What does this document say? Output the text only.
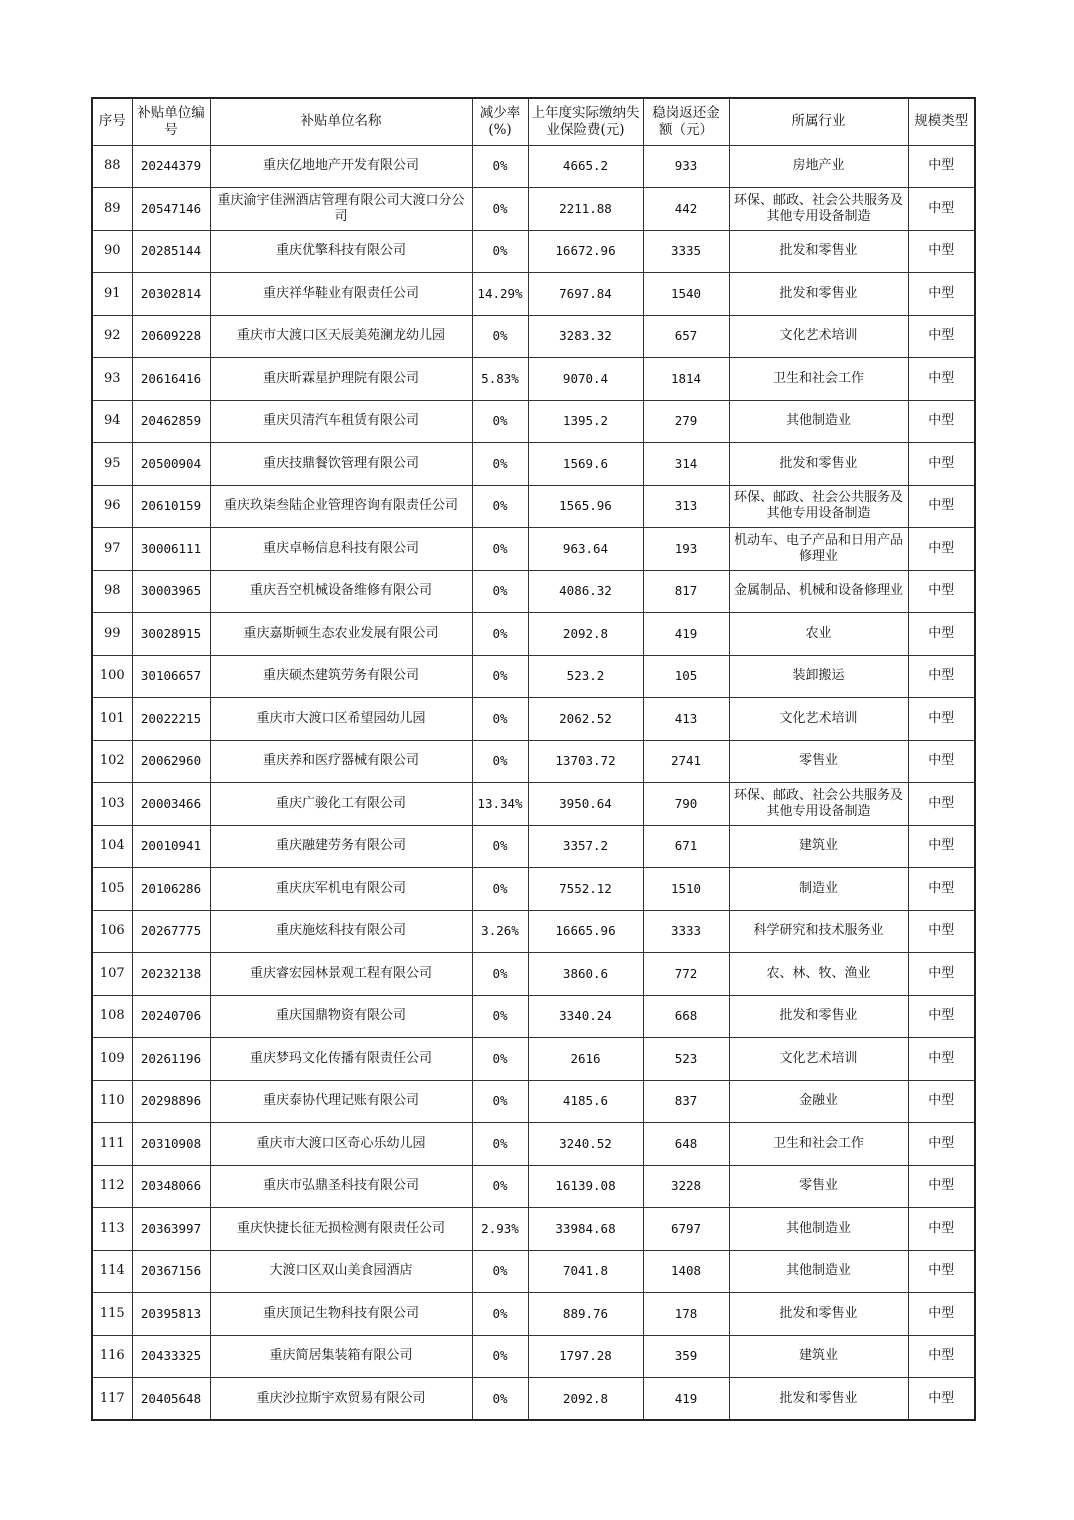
序号	补贴单位编号	补贴单位名称	减少率(%)	上年度实际缴纳失业保险费(元)	稳岗返还金额（元）	所属行业	规模类型
88	20244379	重庆亿地地产开发有限公司	0%	4665.2	933	房地产业	中型
89	20547146	重庆渝宇佳洲酒店管理有限公司大渡口分公司	0%	2211.88	442	环保、邮政、社会公共服务及其他专用设备制造	中型
90	20285144	重庆优擎科技有限公司	0%	16672.96	3335	批发和零售业	中型
91	20302814	重庆祥华鞋业有限责任公司	14.29%	7697.84	1540	批发和零售业	中型
92	20609228	重庆市大渡口区天辰美苑澜龙幼儿园	0%	3283.32	657	文化艺术培训	中型
93	20616416	重庆昕霖星护理院有限公司	5.83%	9070.4	1814	卫生和社会工作	中型
94	20462859	重庆贝清汽车租赁有限公司	0%	1395.2	279	其他制造业	中型
95	20500904	重庆技鼎餐饮管理有限公司	0%	1569.6	314	批发和零售业	中型
96	20610159	重庆玖柒叁陆企业管理咨询有限责任公司	0%	1565.96	313	环保、邮政、社会公共服务及其他专用设备制造	中型
97	30006111	重庆卓畅信息科技有限公司	0%	963.64	193	机动车、电子产品和日用产品修理业	中型
98	30003965	重庆吾空机械设备维修有限公司	0%	4086.32	817	金属制品、机械和设备修理业	中型
99	30028915	重庆嘉斯顿生态农业发展有限公司	0%	2092.8	419	农业	中型
100	30106657	重庆硕杰建筑劳务有限公司	0%	523.2	105	装卸搬运	中型
101	20022215	重庆市大渡口区希望园幼儿园	0%	2062.52	413	文化艺术培训	中型
102	20062960	重庆养和医疗器械有限公司	0%	13703.72	2741	零售业	中型
103	20003466	重庆广骏化工有限公司	13.34%	3950.64	790	环保、邮政、社会公共服务及其他专用设备制造	中型
104	20010941	重庆融建劳务有限公司	0%	3357.2	671	建筑业	中型
105	20106286	重庆庆军机电有限公司	0%	7552.12	1510	制造业	中型
106	20267775	重庆施炫科技有限公司	3.26%	16665.96	3333	科学研究和技术服务业	中型
107	20232138	重庆睿宏园林景观工程有限公司	0%	3860.6	772	农、林、牧、渔业	中型
108	20240706	重庆国鼎物资有限公司	0%	3340.24	668	批发和零售业	中型
109	20261196	重庆梦玛文化传播有限责任公司	0%	2616	523	文化艺术培训	中型
110	20298896	重庆泰协代理记账有限公司	0%	4185.6	837	金融业	中型
111	20310908	重庆市大渡口区奇心乐幼儿园	0%	3240.52	648	卫生和社会工作	中型
112	20348066	重庆市弘鼎圣科技有限公司	0%	16139.08	3228	零售业	中型
113	20363997	重庆快捷长征无损检测有限责任公司	2.93%	33984.68	6797	其他制造业	中型
114	20367156	大渡口区双山美食园酒店	0%	7041.8	1408	其他制造业	中型
115	20395813	重庆顶记生物科技有限公司	0%	889.76	178	批发和零售业	中型
116	20433325	重庆简居集装箱有限公司	0%	1797.28	359	建筑业	中型
117	20405648	重庆沙拉斯宇欢贸易有限公司	0%	2092.8	419	批发和零售业	中型
